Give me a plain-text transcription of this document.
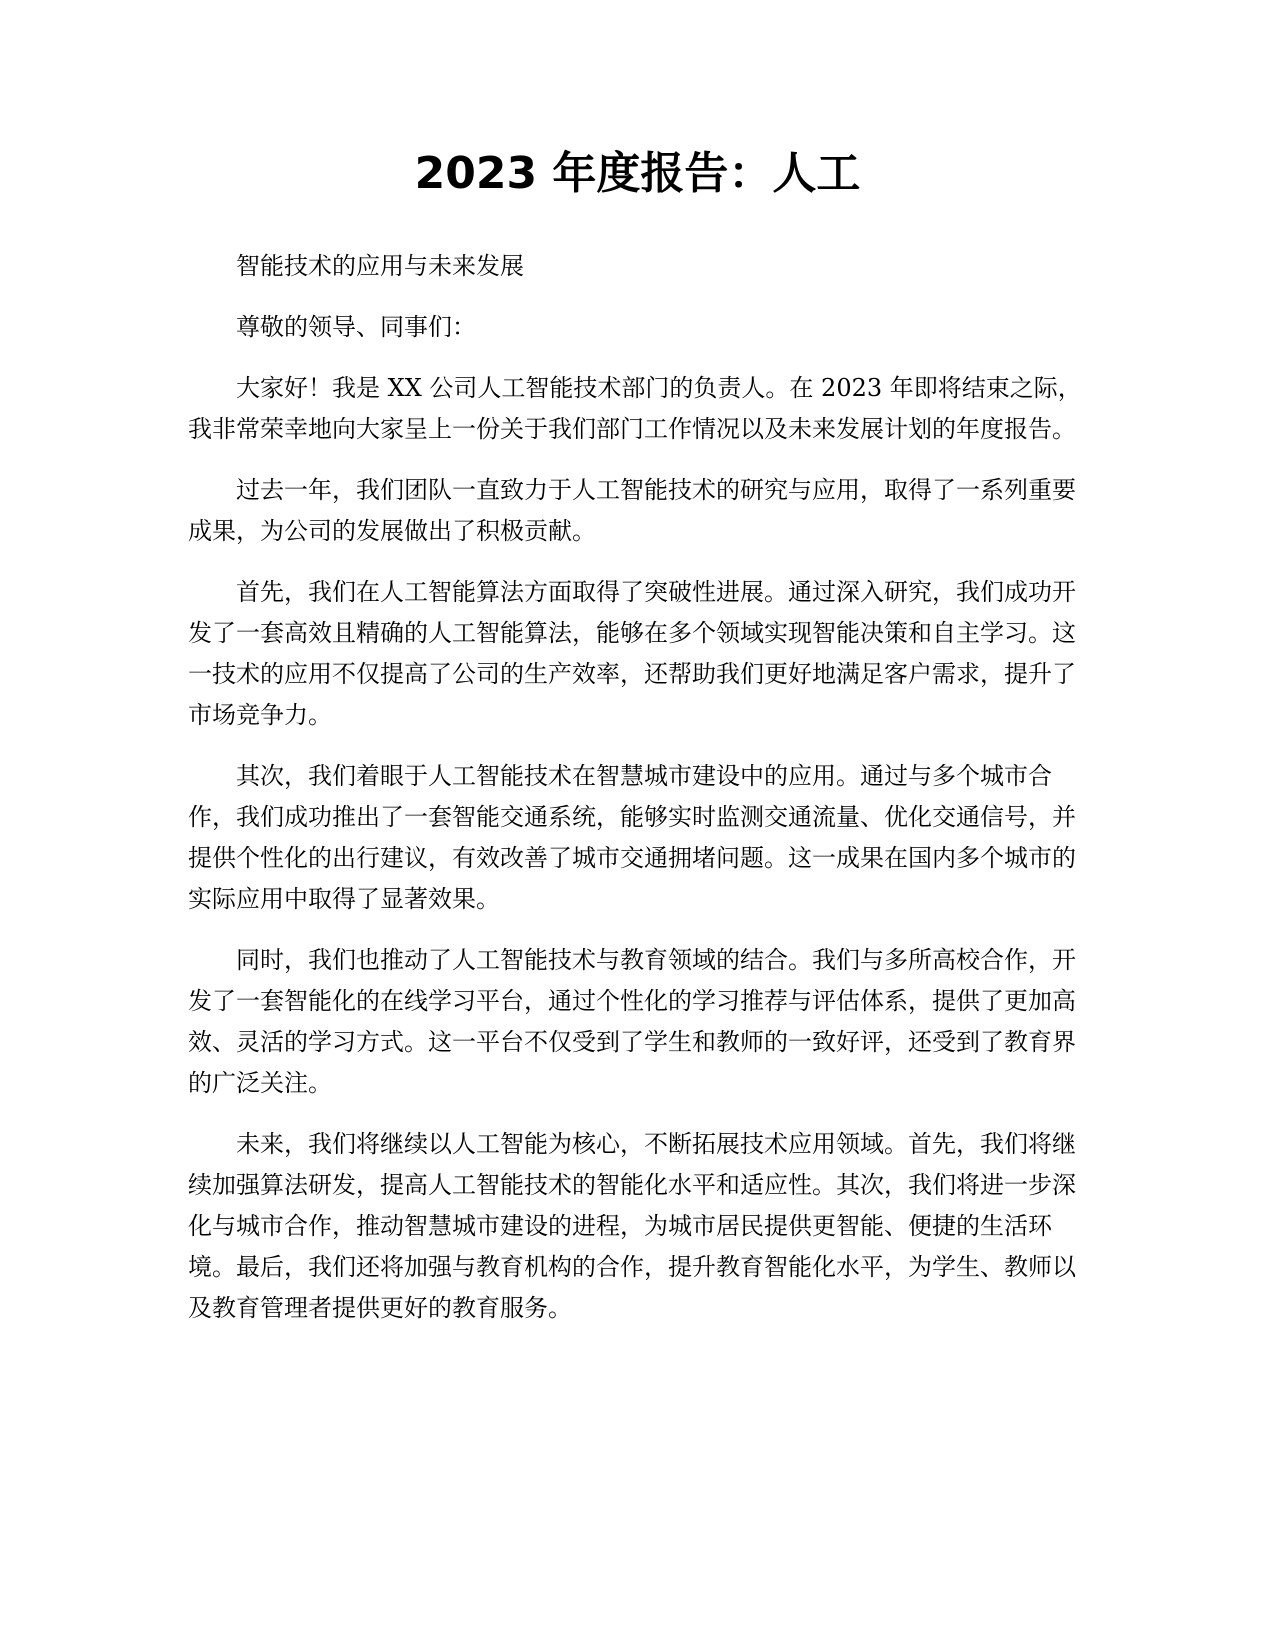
2023 年度报告：人工

智能技术的应用与未来发展

尊敬的领导、同事们：

大家好！我是 XX 公司人工智能技术部门的负责人。在 2023 年即将结束之际，我非常荣幸地向大家呈上一份关于我们部门工作情况以及未来发展计划的年度报告。

过去一年，我们团队一直致力于人工智能技术的研究与应用，取得了一系列重要成果，为公司的发展做出了积极贡献。

首先，我们在人工智能算法方面取得了突破性进展。通过深入研究，我们成功开发了一套高效且精确的人工智能算法，能够在多个领域实现智能决策和自主学习。这一技术的应用不仅提高了公司的生产效率，还帮助我们更好地满足客户需求，提升了市场竞争力。

其次，我们着眼于人工智能技术在智慧城市建设中的应用。通过与多个城市合作，我们成功推出了一套智能交通系统，能够实时监测交通流量、优化交通信号，并提供个性化的出行建议，有效改善了城市交通拥堵问题。这一成果在国内多个城市的实际应用中取得了显著效果。

同时，我们也推动了人工智能技术与教育领域的结合。我们与多所高校合作，开发了一套智能化的在线学习平台，通过个性化的学习推荐与评估体系，提供了更加高效、灵活的学习方式。这一平台不仅受到了学生和教师的一致好评，还受到了教育界的广泛关注。

未来，我们将继续以人工智能为核心，不断拓展技术应用领域。首先，我们将继续加强算法研发，提高人工智能技术的智能化水平和适应性。其次，我们将进一步深化与城市合作，推动智慧城市建设的进程，为城市居民提供更智能、便捷的生活环境。最后，我们还将加强与教育机构的合作，提升教育智能化水平，为学生、教师以及教育管理者提供更好的教育服务。
